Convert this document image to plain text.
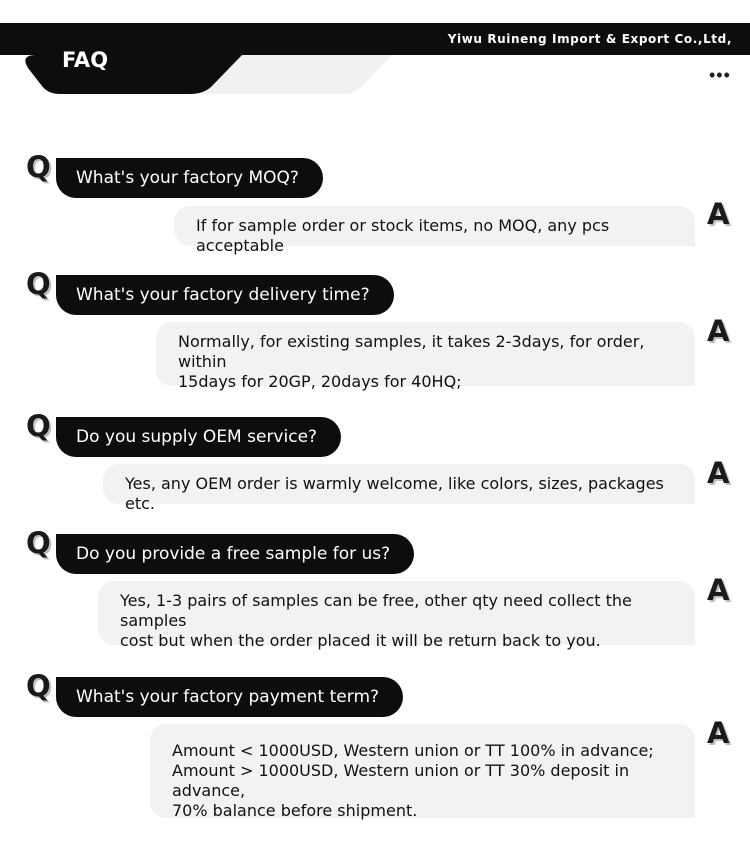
Yiwu Ruineng Import & Export Co.,Ltd,
FAQ
•••
Q	What's your factory MOQ?
If for sample order or stock items, no MOQ, any pcs acceptable
A
Q	What's your factory delivery time?
Normally, for existing samples, it takes 2-3days, for order, within
15days for 20GP, 20days for 40HQ;
A
Q	Do you supply OEM service?
Yes, any OEM order is warmly welcome, like colors, sizes, packages etc.
A
Q	Do you provide a free sample for us?
Yes, 1-3 pairs of samples can be free, other qty need collect the samples
cost but when the order placed it will be return back to you.
A
Q	What's your factory payment term?
Amount < 1000USD, Western union or TT 100% in advance;
Amount > 1000USD, Western union or TT 30% deposit in advance,
70% balance before shipment.
A
